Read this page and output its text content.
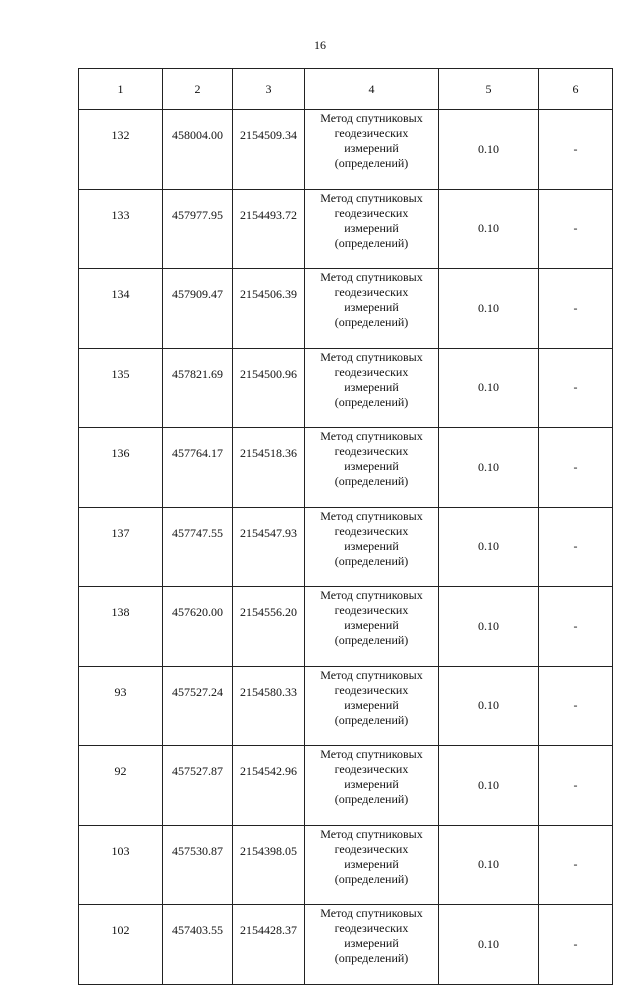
16
1	2	3	4	5	6
132	458004.00	2154509.34	Метод спутниковых
геодезических
измерений
(определений)	0.10	-
133	457977.95	2154493.72	Метод спутниковых
геодезических
измерений
(определений)	0.10	-
134	457909.47	2154506.39	Метод спутниковых
геодезических
измерений
(определений)	0.10	-
135	457821.69	2154500.96	Метод спутниковых
геодезических
измерений
(определений)	0.10	-
136	457764.17	2154518.36	Метод спутниковых
геодезических
измерений
(определений)	0.10	-
137	457747.55	2154547.93	Метод спутниковых
геодезических
измерений
(определений)	0.10	-
138	457620.00	2154556.20	Метод спутниковых
геодезических
измерений
(определений)	0.10	-
93	457527.24	2154580.33	Метод спутниковых
геодезических
измерений
(определений)	0.10	-
92	457527.87	2154542.96	Метод спутниковых
геодезических
измерений
(определений)	0.10	-
103	457530.87	2154398.05	Метод спутниковых
геодезических
измерений
(определений)	0.10	-
102	457403.55	2154428.37	Метод спутниковых
геодезических
измерений
(определений)	0.10	-
